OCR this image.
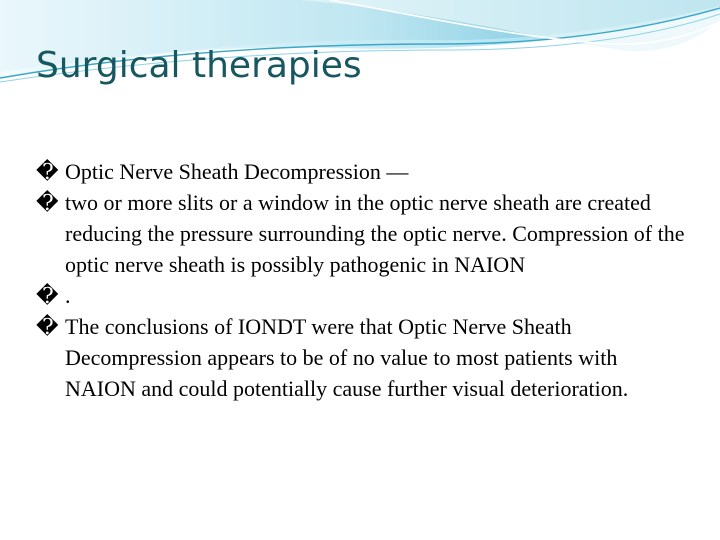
Surgical therapies
� Optic Nerve Sheath Decompression —
� two or more slits or a window in the optic nerve sheath are created reducing the pressure surrounding the optic nerve. Compression of the optic nerve sheath is possibly pathogenic in NAION
� .
� The conclusions of IONDT were that Optic Nerve Sheath Decompression appears to be of no value to most patients with NAION and could potentially cause further visual deterioration.
